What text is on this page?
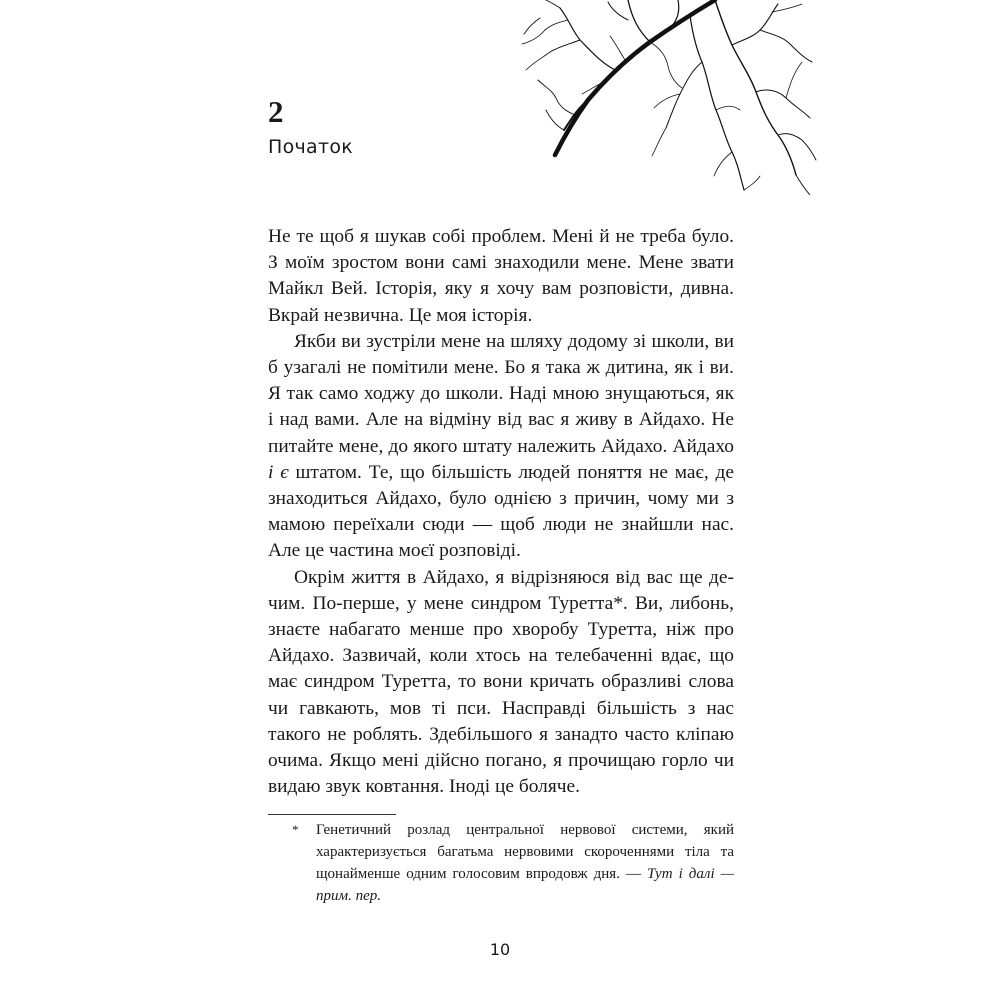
2
Початок

Не те щоб я шукав собі проблем. Мені й не треба було. З моїм зростом вони самі знаходили мене. Мене звати Майкл Вей. Історія, яку я хочу вам розповісти, дивна. Вкрай незвична. Це моя історія.

Якби ви зустріли мене на шляху додому зі школи, ви б узагалі не помітили мене. Бо я така ж дитина, як і ви. Я так само ходжу до школи. Наді мною знущаються, як і над вами. Але на відміну від вас я живу в Айдахо. Не питайте мене, до якого штату належить Айдахо. Айдахо і є штатом. Те, що більшість людей поняття не має, де знаходиться Айдахо, було однією з причин, чому ми з мамою переїхали сюди — щоб люди не знайшли нас. Але це частина моєї розповіді.

Окрім життя в Айдахо, я відрізняюся від вас ще дечим. По-перше, у мене синдром Туретта*. Ви, либонь, знаєте набагато менше про хворобу Туретта, ніж про Айдахо. Зазвичай, коли хтось на телебаченні вдає, що має синдром Туретта, то вони кричать образливі слова чи гавкають, мов ті пси. Насправді більшість з нас такого не роблять. Здебільшого я занадто часто кліпаю очима. Якщо мені дійсно погано, я прочищаю горло чи видаю звук ковтання. Іноді це боляче.

* Генетичний розлад центральної нервової системи, який характеризується багатьма нервовими скороченнями тіла та щонайменше одним голосовим впродовж дня. — Тут і далі — прим. пер.
10
